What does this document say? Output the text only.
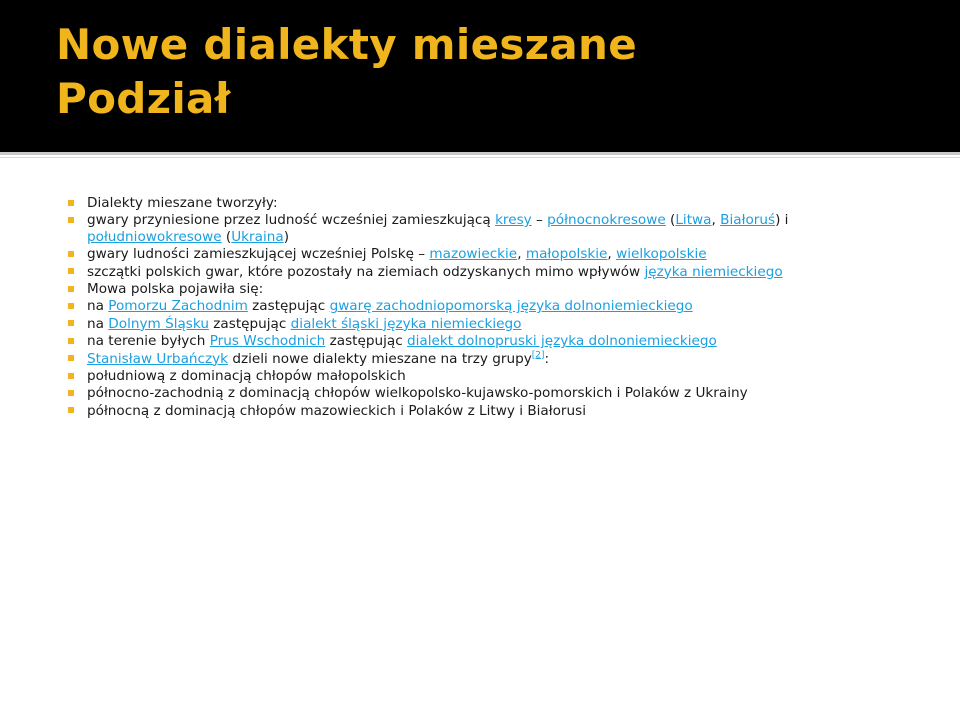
Nowe dialekty mieszane
Podział
Dialekty mieszane tworzyły:
gwary przyniesione przez ludność wcześniej zamieszkującą kresy – północnokresowe (Litwa, Białoruś) i południowokresowe (Ukraina)
gwary ludności zamieszkującej wcześniej Polskę – mazowieckie, małopolskie, wielkopolskie
szczątki polskich gwar, które pozostały na ziemiach odzyskanych mimo wpływów języka niemieckiego
Mowa polska pojawiła się:
na Pomorzu Zachodnim zastępując gwarę zachodniopomorską języka dolnoniemieckiego
na Dolnym Śląsku zastępując dialekt śląski języka niemieckiego
na terenie byłych Prus Wschodnich zastępując dialekt dolnopruski języka dolnoniemieckiego
Stanisław Urbańczyk dzieli nowe dialekty mieszane na trzy grupy[2]:
południową z dominacją chłopów małopolskich
północno-zachodnią z dominacją chłopów wielkopolsko-kujawsko-pomorskich i Polaków z Ukrainy
północną z dominacją chłopów mazowieckich i Polaków z Litwy i Białorusi
